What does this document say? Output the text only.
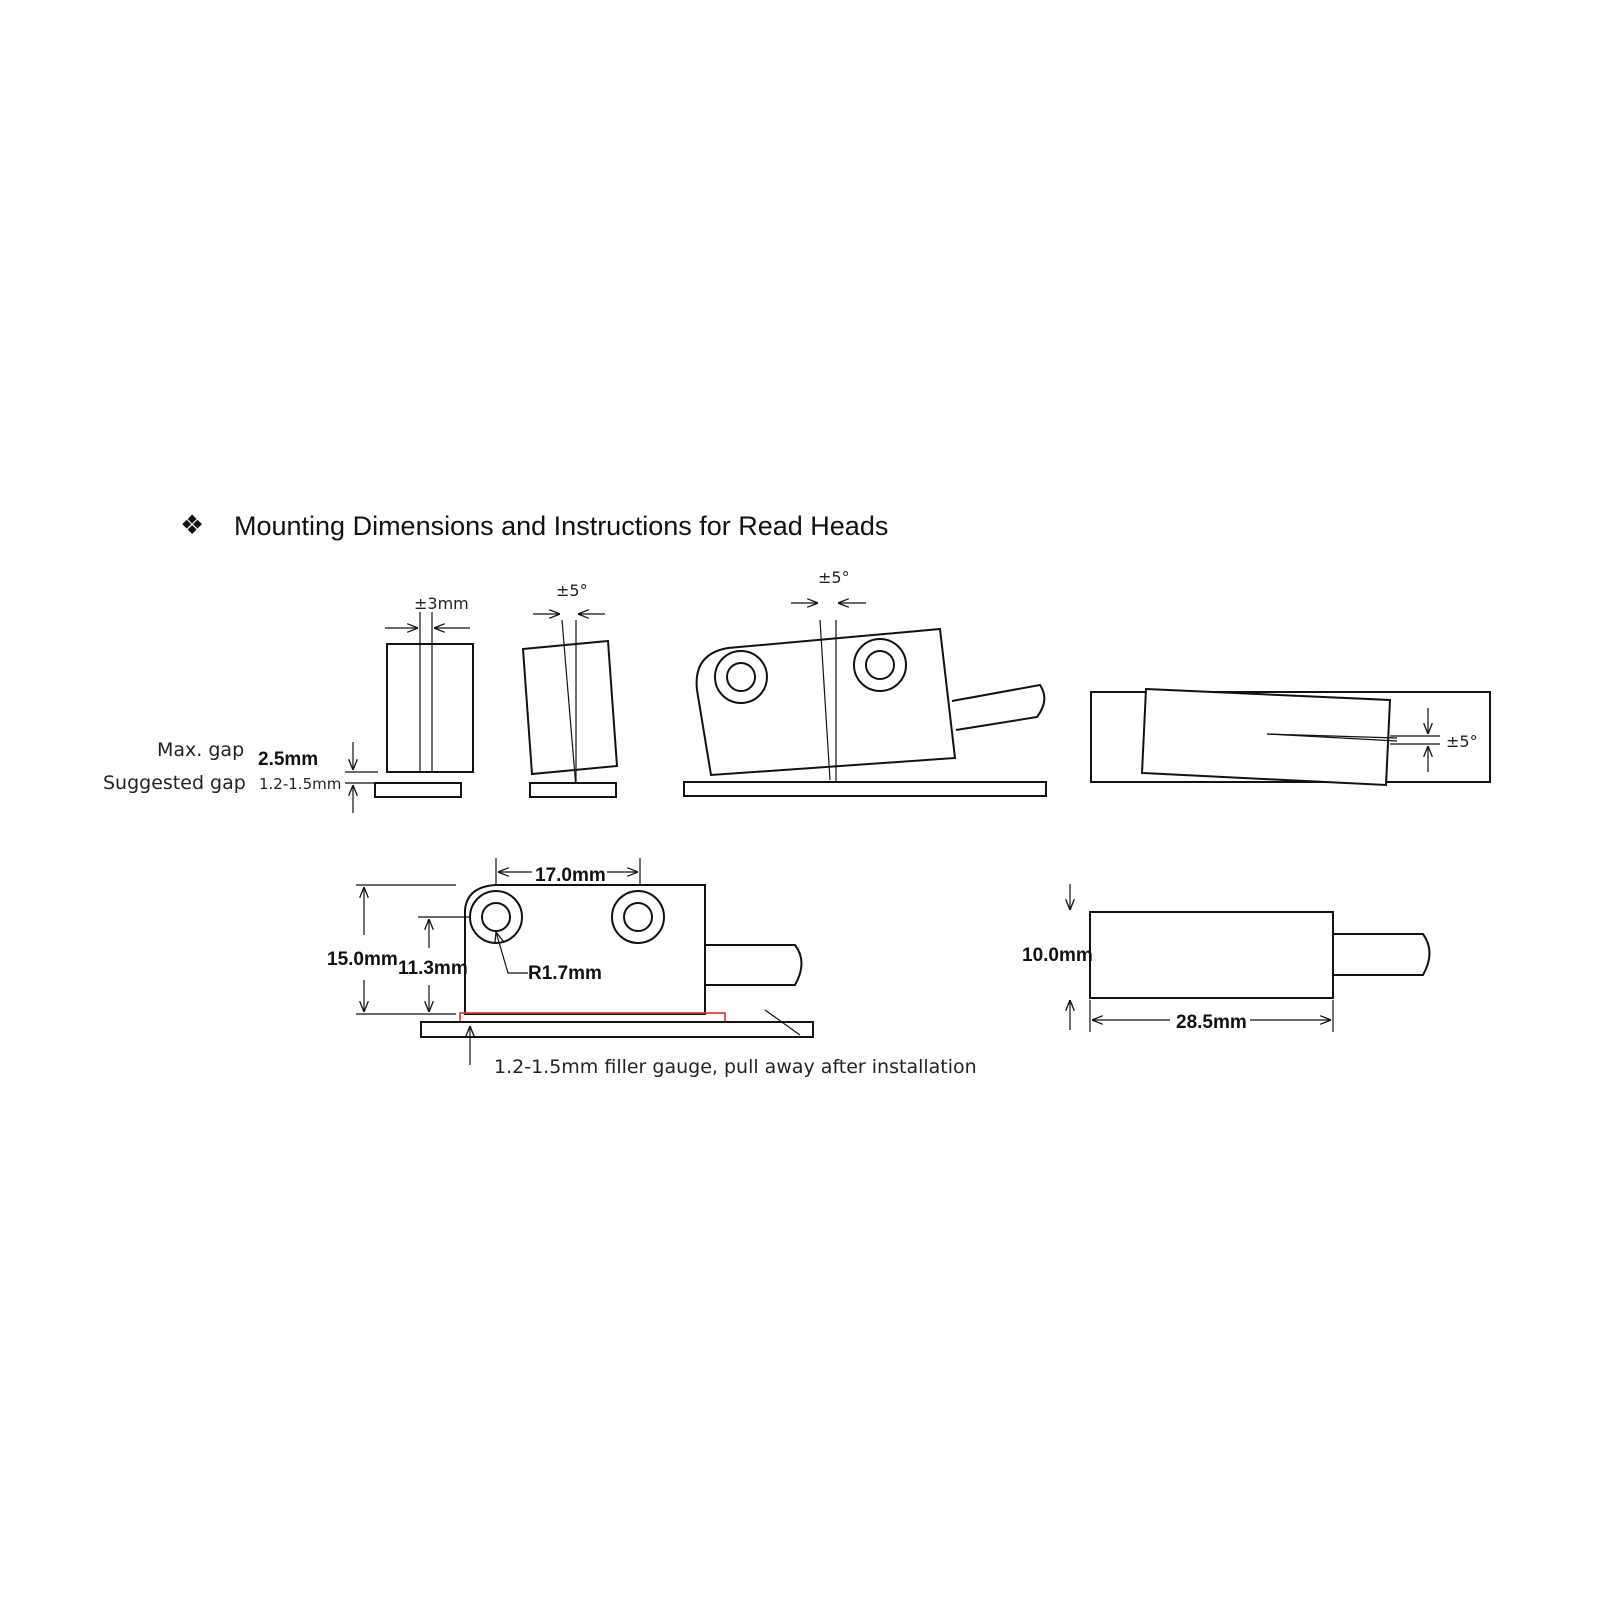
❖ Mounting Dimensions and Instructions for Read Heads
±3mm
Max. gap 2.5mm
Suggested gap 1.2-1.5mm
±5°
±5°
±5°
17.0mm
15.0mm 11.3mm	R1.7mm
1.2-1.5mm filler gauge, pull away after installation
10.0mm
28.5mm
